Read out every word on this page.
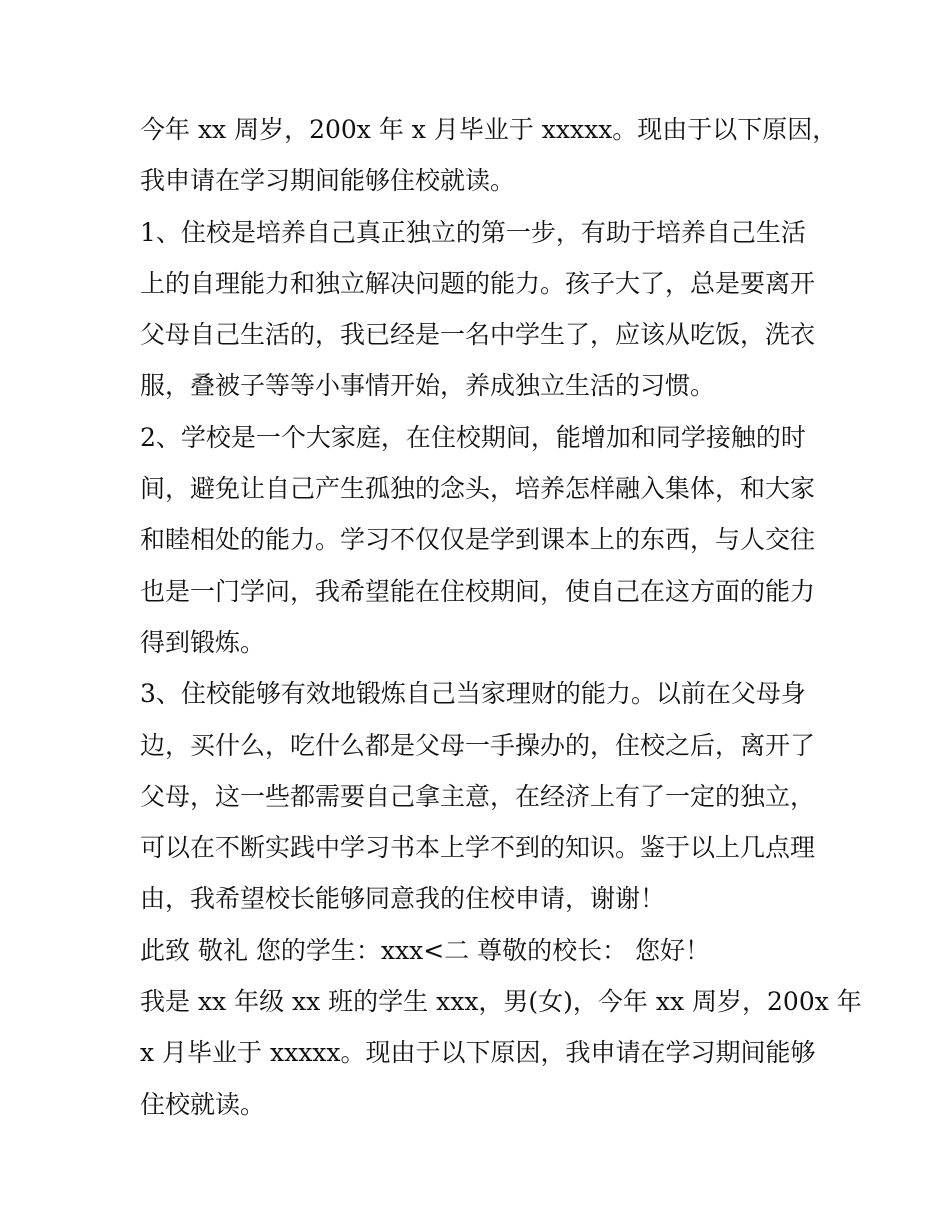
今年 xx 周岁，200x 年 x 月毕业于 xxxxx。现由于以下原因，
我申请在学习期间能够住校就读。
1、住校是培养自己真正独立的第一步，有助于培养自己生活
上的自理能力和独立解决问题的能力。孩子大了，总是要离开
父母自己生活的，我已经是一名中学生了，应该从吃饭，洗衣
服，叠被子等等小事情开始，养成独立生活的习惯。
2、学校是一个大家庭，在住校期间，能增加和同学接触的时
间，避免让自己产生孤独的念头，培养怎样融入集体，和大家
和睦相处的能力。学习不仅仅是学到课本上的东西，与人交往
也是一门学问，我希望能在住校期间，使自己在这方面的能力
得到锻炼。
3、住校能够有效地锻炼自己当家理财的能力。以前在父母身
边，买什么，吃什么都是父母一手操办的，住校之后，离开了
父母，这一些都需要自己拿主意，在经济上有了一定的独立，
可以在不断实践中学习书本上学不到的知识。鉴于以上几点理
由，我希望校长能够同意我的住校申请，谢谢！
此致 敬礼 您的学生：xxx<二 尊敬的校长： 您好！
我是 xx 年级 xx 班的学生 xxx，男(女)，今年 xx 周岁，200x 年
x 月毕业于 xxxxx。现由于以下原因，我申请在学习期间能够
住校就读。
